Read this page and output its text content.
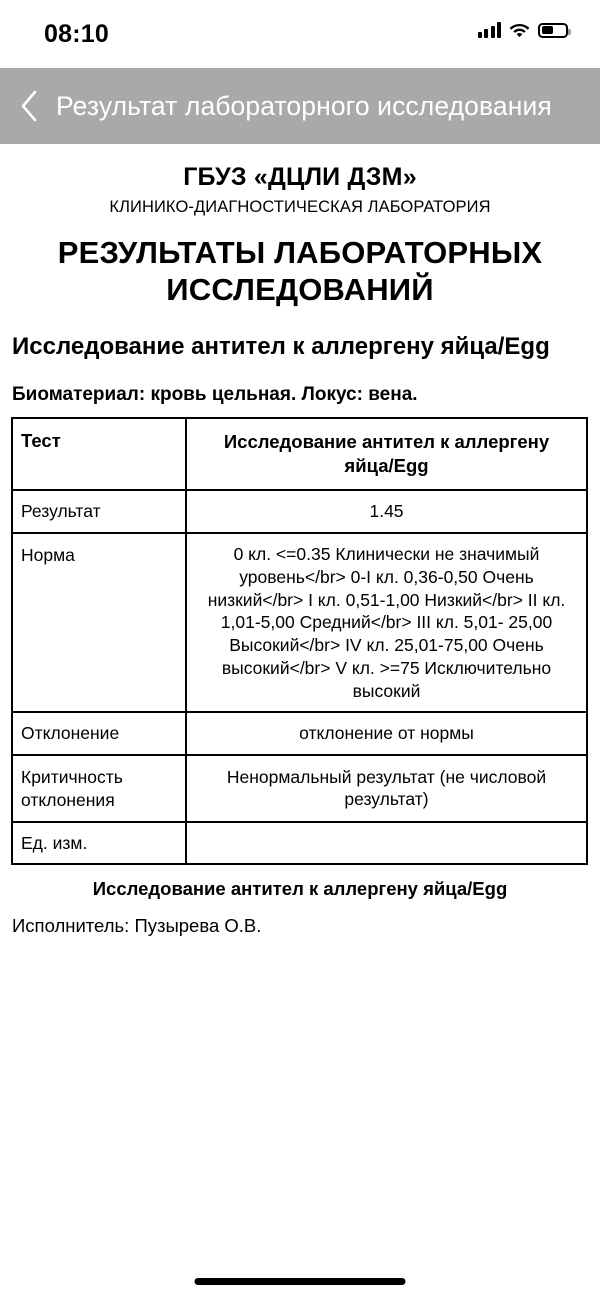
08:10
Результат лабораторного исследования
ГБУЗ «ДЦЛИ ДЗМ»
КЛИНИКО-ДИАГНОСТИЧЕСКАЯ ЛАБОРАТОРИЯ
РЕЗУЛЬТАТЫ ЛАБОРАТОРНЫХ ИССЛЕДОВАНИЙ
Исследование антител к аллергену яйца/Egg
Биоматериал: кровь цельная. Локус: вена.
Тест	Исследование антител к аллергену яйца/Egg
Результат	1.45
Норма	0 кл. <=0.35 Клинически не значимый уровень</br> 0-I кл. 0,36-0,50 Очень низкий</br> I кл. 0,51-1,00 Низкий</br> II кл. 1,01-5,00 Средний</br> III кл. 5,01- 25,00 Высокий</br> IV кл. 25,01-75,00 Очень высокий</br> V кл. >=75 Исключительно высокий
Отклонение	отклонение от нормы
Критичность отклонения	Ненормальный результат (не числовой результат)
Ед. изм.	
Исследование антител к аллергену яйца/Egg
Исполнитель: Пузырева О.В.
